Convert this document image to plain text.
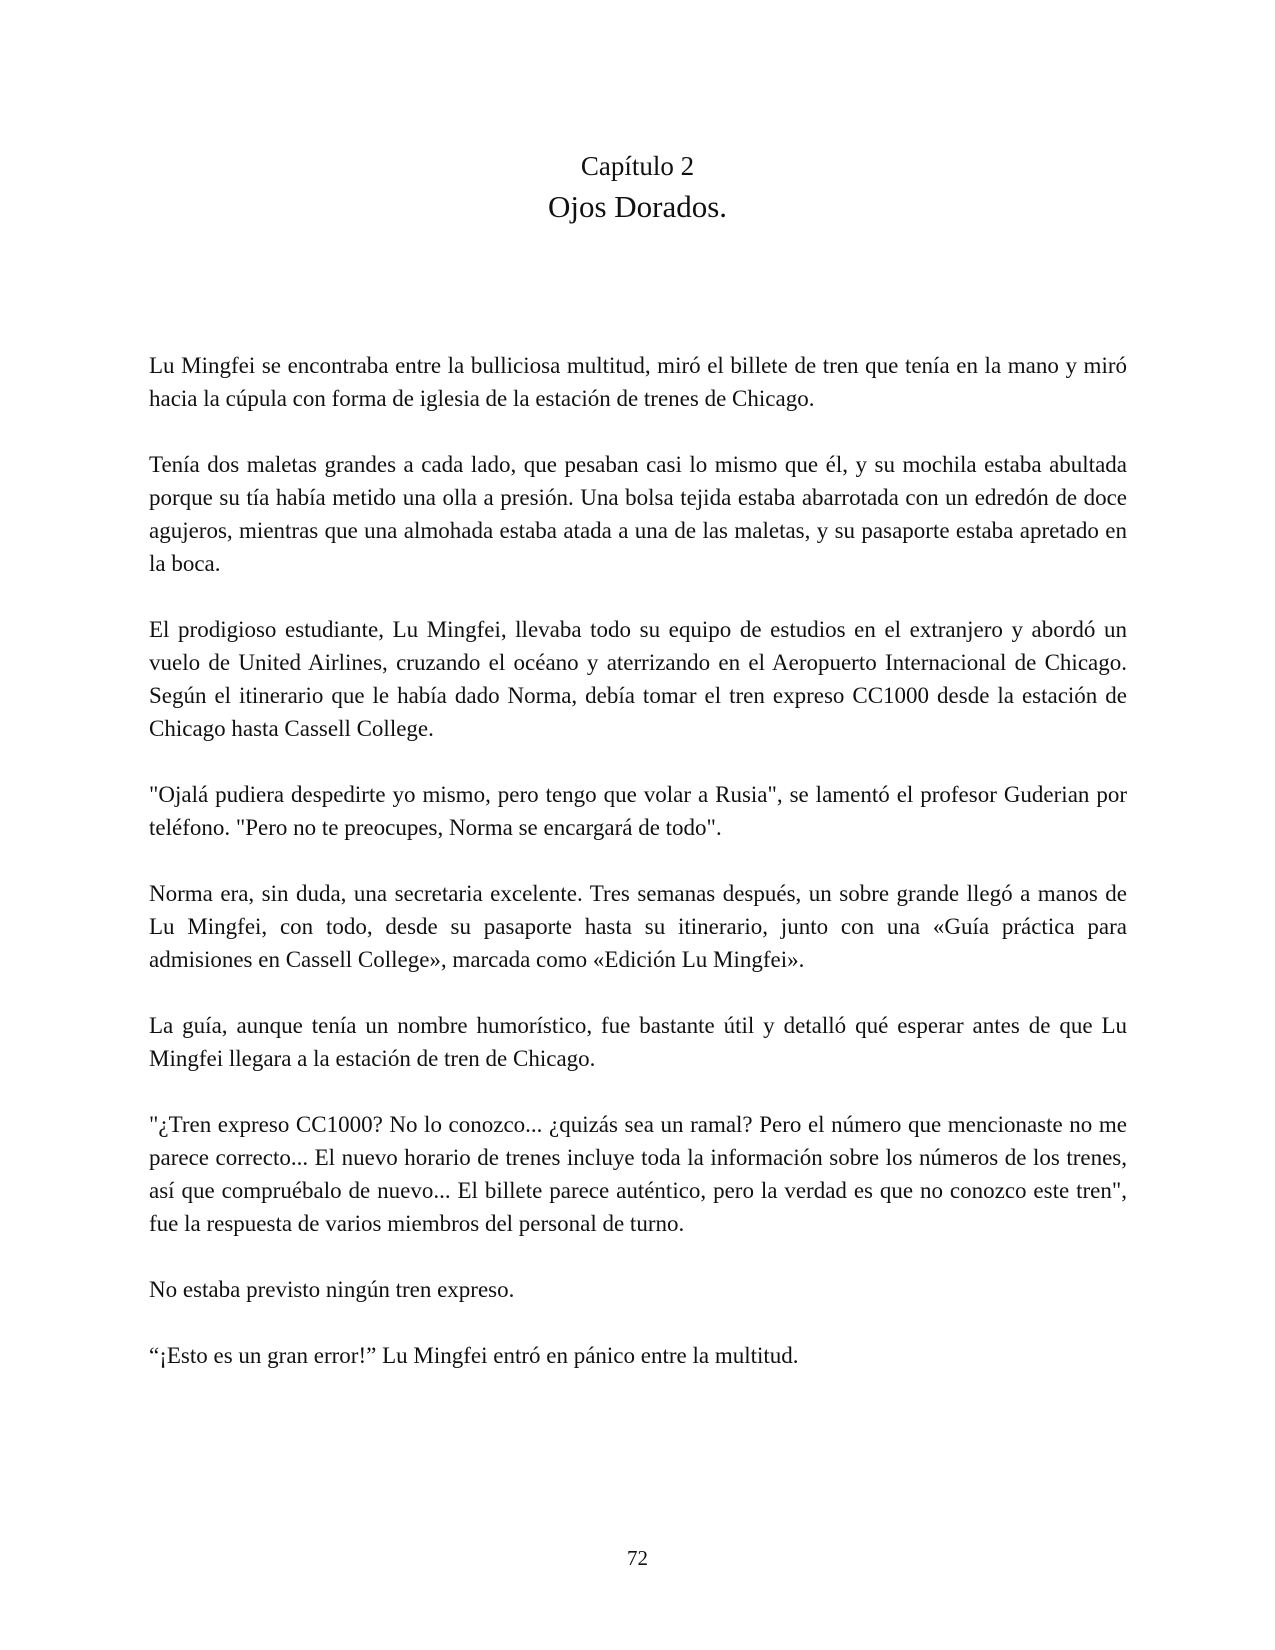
Capítulo 2
Ojos Dorados.

Lu Mingfei se encontraba entre la bulliciosa multitud, miró el billete de tren que tenía en la mano y miró hacia la cúpula con forma de iglesia de la estación de trenes de Chicago.

Tenía dos maletas grandes a cada lado, que pesaban casi lo mismo que él, y su mochila estaba abultada porque su tía había metido una olla a presión. Una bolsa tejida estaba abarrotada con un edredón de doce agujeros, mientras que una almohada estaba atada a una de las maletas, y su pasaporte estaba apretado en la boca.

El prodigioso estudiante, Lu Mingfei, llevaba todo su equipo de estudios en el extranjero y abordó un vuelo de United Airlines, cruzando el océano y aterrizando en el Aeropuerto Internacional de Chicago. Según el itinerario que le había dado Norma, debía tomar el tren expreso CC1000 desde la estación de Chicago hasta Cassell College.

"Ojalá pudiera despedirte yo mismo, pero tengo que volar a Rusia", se lamentó el profesor Guderian por teléfono. "Pero no te preocupes, Norma se encargará de todo".

Norma era, sin duda, una secretaria excelente. Tres semanas después, un sobre grande llegó a manos de Lu Mingfei, con todo, desde su pasaporte hasta su itinerario, junto con una «Guía práctica para admisiones en Cassell College», marcada como «Edición Lu Mingfei».

La guía, aunque tenía un nombre humorístico, fue bastante útil y detalló qué esperar antes de que Lu Mingfei llegara a la estación de tren de Chicago.

"¿Tren expreso CC1000? No lo conozco... ¿quizás sea un ramal? Pero el número que mencionaste no me parece correcto... El nuevo horario de trenes incluye toda la información sobre los números de los trenes, así que compruébalo de nuevo... El billete parece auténtico, pero la verdad es que no conozco este tren", fue la respuesta de varios miembros del personal de turno.

No estaba previsto ningún tren expreso.

“¡Esto es un gran error!” Lu Mingfei entró en pánico entre la multitud.

72
